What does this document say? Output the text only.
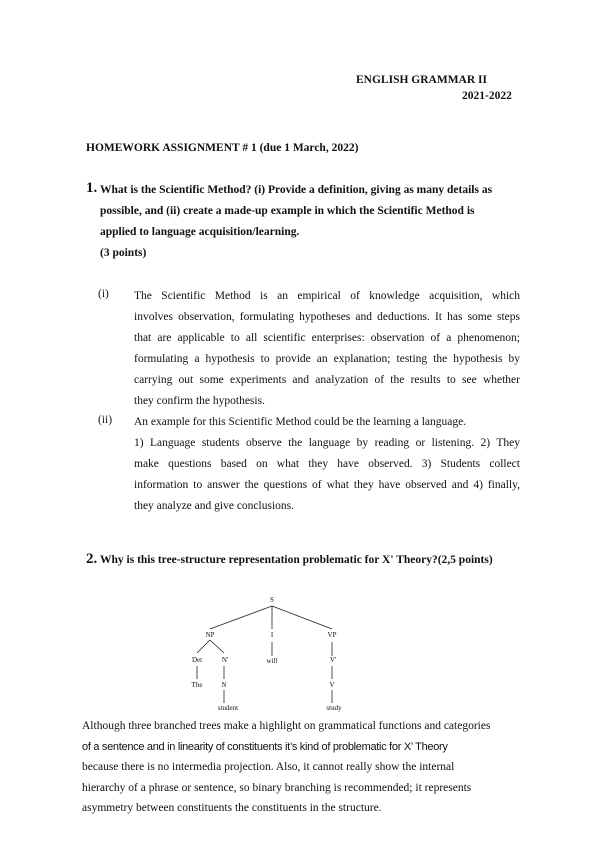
ENGLISH GRAMMAR II
2021-2022
HOMEWORK ASSIGNMENT # 1 (due 1 March, 2022)
1. What is the Scientific Method? (i) Provide a definition, giving as many details as
possible, and (ii) create a made-up example in which the Scientific Method is
applied to language acquisition/learning.
(3 points)
(i) The Scientific Method is an empirical of knowledge acquisition, which
involves observation, formulating hypotheses and deductions. It has some steps
that are applicable to all scientific enterprises: observation of a phenomenon;
formulating a hypothesis to provide an explanation; testing the hypothesis by
carrying out some experiments and analyzation of the results to see whether
they confirm the hypothesis.
(ii) An example for this Scientific Method could be the learning a language.
1) Language students observe the language by reading or listening. 2) They
make questions based on what they have observed. 3) Students collect
information to answer the questions of what they have observed and 4) finally,
they analyze and give conclusions.
2. Why is this tree-structure representation problematic for X' Theory?(2,5 points)
S
NP	I	VP
Det	N'	will	V'
The	N	V
student	study
Although three branched trees make a highlight on grammatical functions and categories
of a sentence and in linearity of constituents it’s kind of problematic for X’ Theory
because there is no intermedia projection. Also, it cannot really show the internal
hierarchy of a phrase or sentence, so binary branching is recommended; it represents
asymmetry between constituents the constituents in the structure.
